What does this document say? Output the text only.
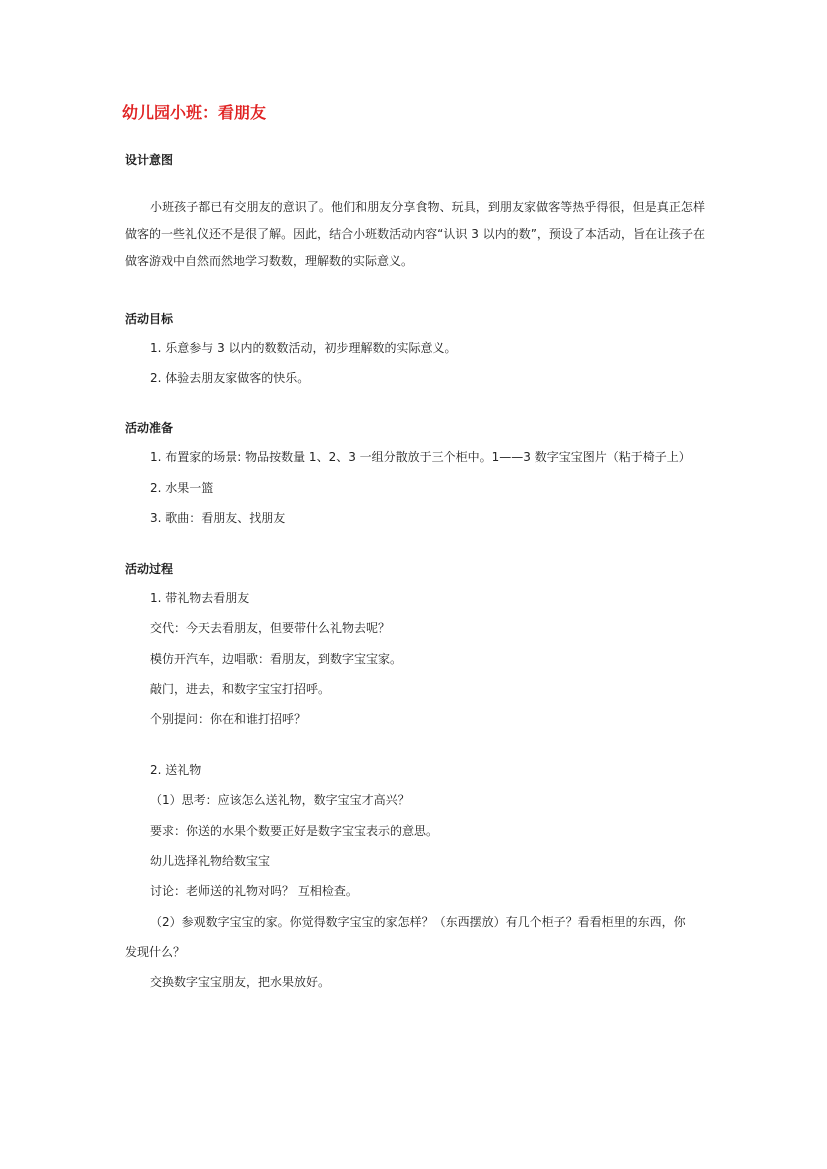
幼儿园小班：看朋友
设计意图
小班孩子都已有交朋友的意识了。他们和朋友分享食物、玩具，到朋友家做客等热乎得很，但是真正怎样做客的一些礼仪还不是很了解。因此，结合小班数活动内容“认识 3 以内的数”，预设了本活动，旨在让孩子在做客游戏中自然而然地学习数数，理解数的实际意义。
活动目标
1. 乐意参与 3 以内的数数活动，初步理解数的实际意义。
2. 体验去朋友家做客的快乐。
活动准备
1. 布置家的场景: 物品按数量 1、2、3 一组分散放于三个柜中。1——3 数字宝宝图片（粘于椅子上）
2. 水果一篮
3. 歌曲：看朋友、找朋友
活动过程
1. 带礼物去看朋友
交代：今天去看朋友，但要带什么礼物去呢？
模仿开汽车，边唱歌：看朋友，到数字宝宝家。
敲门，进去，和数字宝宝打招呼。
个别提问：你在和谁打招呼？
2. 送礼物
（1）思考：应该怎么送礼物，数字宝宝才高兴？
要求：你送的水果个数要正好是数字宝宝表示的意思。
幼儿选择礼物给数宝宝
讨论：老师送的礼物对吗？ 互相检查。
（2）参观数字宝宝的家。你觉得数字宝宝的家怎样？（东西摆放）有几个柜子？看看柜里的东西，你
发现什么？
交换数字宝宝朋友，把水果放好。
